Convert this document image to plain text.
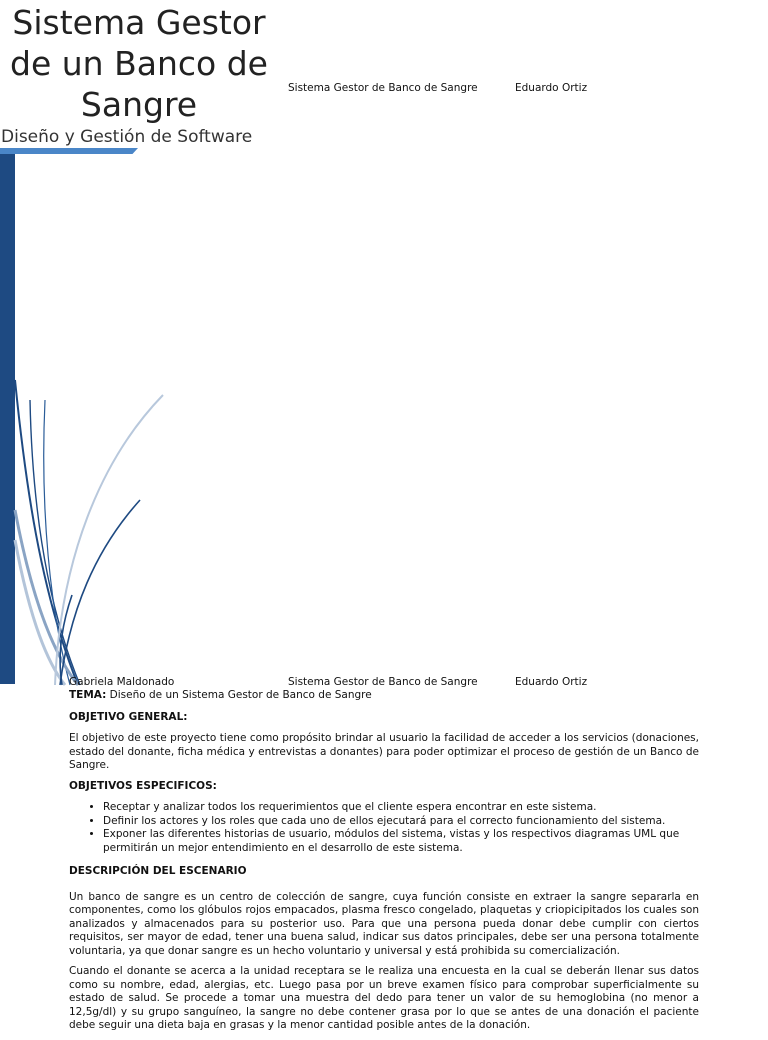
Sistema Gestor de un Banco de Sangre
Diseño y Gestión de Software
Sistema Gestor de Banco de Sangre	Eduardo Ortiz
Gabriela Maldonado	Sistema Gestor de Banco de Sangre	Eduardo Ortiz

TEMA: Diseño de un Sistema Gestor de Banco de Sangre

OBJETIVO GENERAL:

El objetivo de este proyecto tiene como propósito brindar al usuario la facilidad de acceder a los servicios (donaciones, estado del donante, ficha médica y entrevistas a donantes) para poder optimizar el proceso de gestión de un Banco de Sangre.

OBJETIVOS ESPECIFICOS:
• Receptar y analizar todos los requerimientos que el cliente espera encontrar en este sistema.
• Definir los actores y los roles que cada uno de ellos ejecutará para el correcto funcionamiento del sistema.
• Exponer las diferentes historias de usuario, módulos del sistema, vistas y los respectivos diagramas UML que permitirán un mejor entendimiento en el desarrollo de este sistema.
DESCRIPCIÓN DEL ESCENARIO

Un banco de sangre es un centro de colección de sangre, cuya función consiste en extraer la sangre separarla en componentes, como los glóbulos rojos empacados, plasma fresco congelado, plaquetas y criopicipitados los cuales son analizados y almacenados para su posterior uso. Para que una persona pueda donar debe cumplir con ciertos requisitos, ser mayor de edad, tener una buena salud, indicar sus datos principales, debe ser una persona totalmente voluntaria, ya que donar sangre es un hecho voluntario y universal y está prohibida su comercialización.

Cuando el donante se acerca a la unidad receptara se le realiza una encuesta en la cual se deberán llenar sus datos como su nombre, edad, alergias, etc. Luego pasa por un breve examen físico para comprobar superficialmente su estado de salud. Se procede a tomar una muestra del dedo para tener un valor de su hemoglobina (no menor a 12,5g/dl) y su grupo sanguíneo, la sangre no debe contener grasa por lo que se antes de una donación el paciente debe seguir una dieta baja en grasas y la menor cantidad posible antes de la donación.
